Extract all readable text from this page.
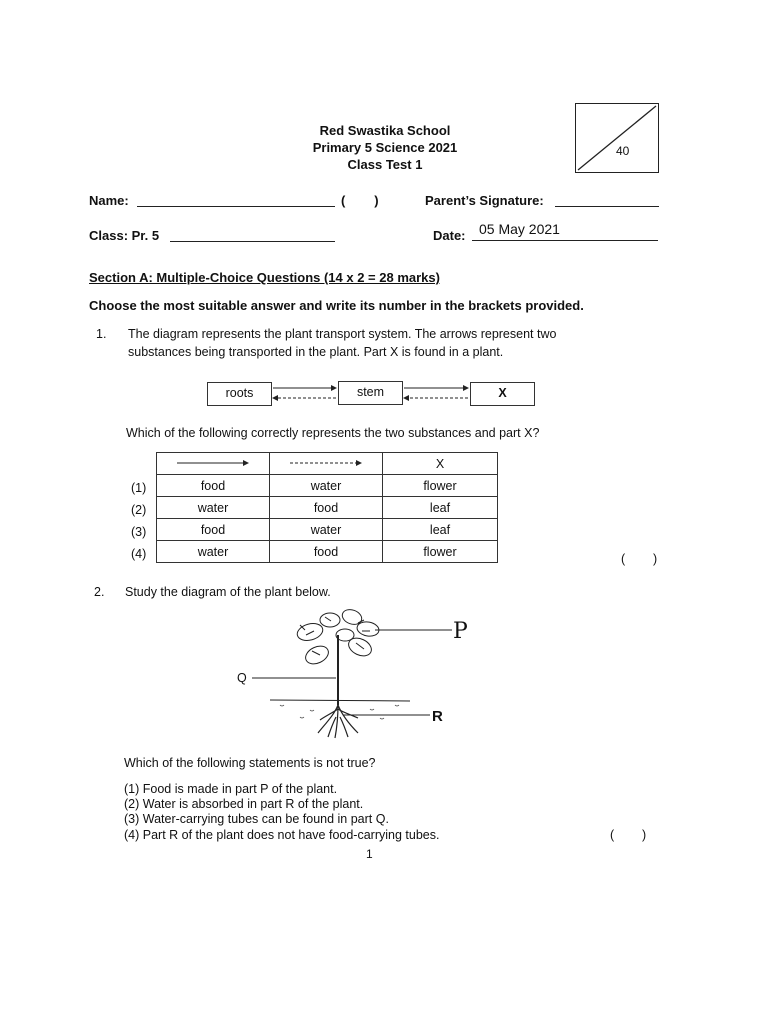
Red Swastika School
Primary 5 Science 2021
Class Test 1
40
Name:	(        )	Parent’s Signature:
Class: Pr. 5	Date: 05 May 2021
Section A: Multiple-Choice Questions (14 x 2 = 28 marks)
Choose the most suitable answer and write its number in the brackets provided.
1. The diagram represents the plant transport system. The arrows represent two
substances being transported in the plant. Part X is found in a plant.
roots	stem	X
Which of the following correctly represents the two substances and part X?
		X
food	water	flower
water	food	leaf
food	water	leaf
water	food	flower
(1)
(2)
(3)
(4)	(        )
2. Study the diagram of the plant below.
P
Q
R
Which of the following statements is not true?
(1) Food is made in part P of the plant.
(2) Water is absorbed in part R of the plant.
(3) Water-carrying tubes can be found in part Q.
(4) Part R of the plant does not have food-carrying tubes.	(        )
1
